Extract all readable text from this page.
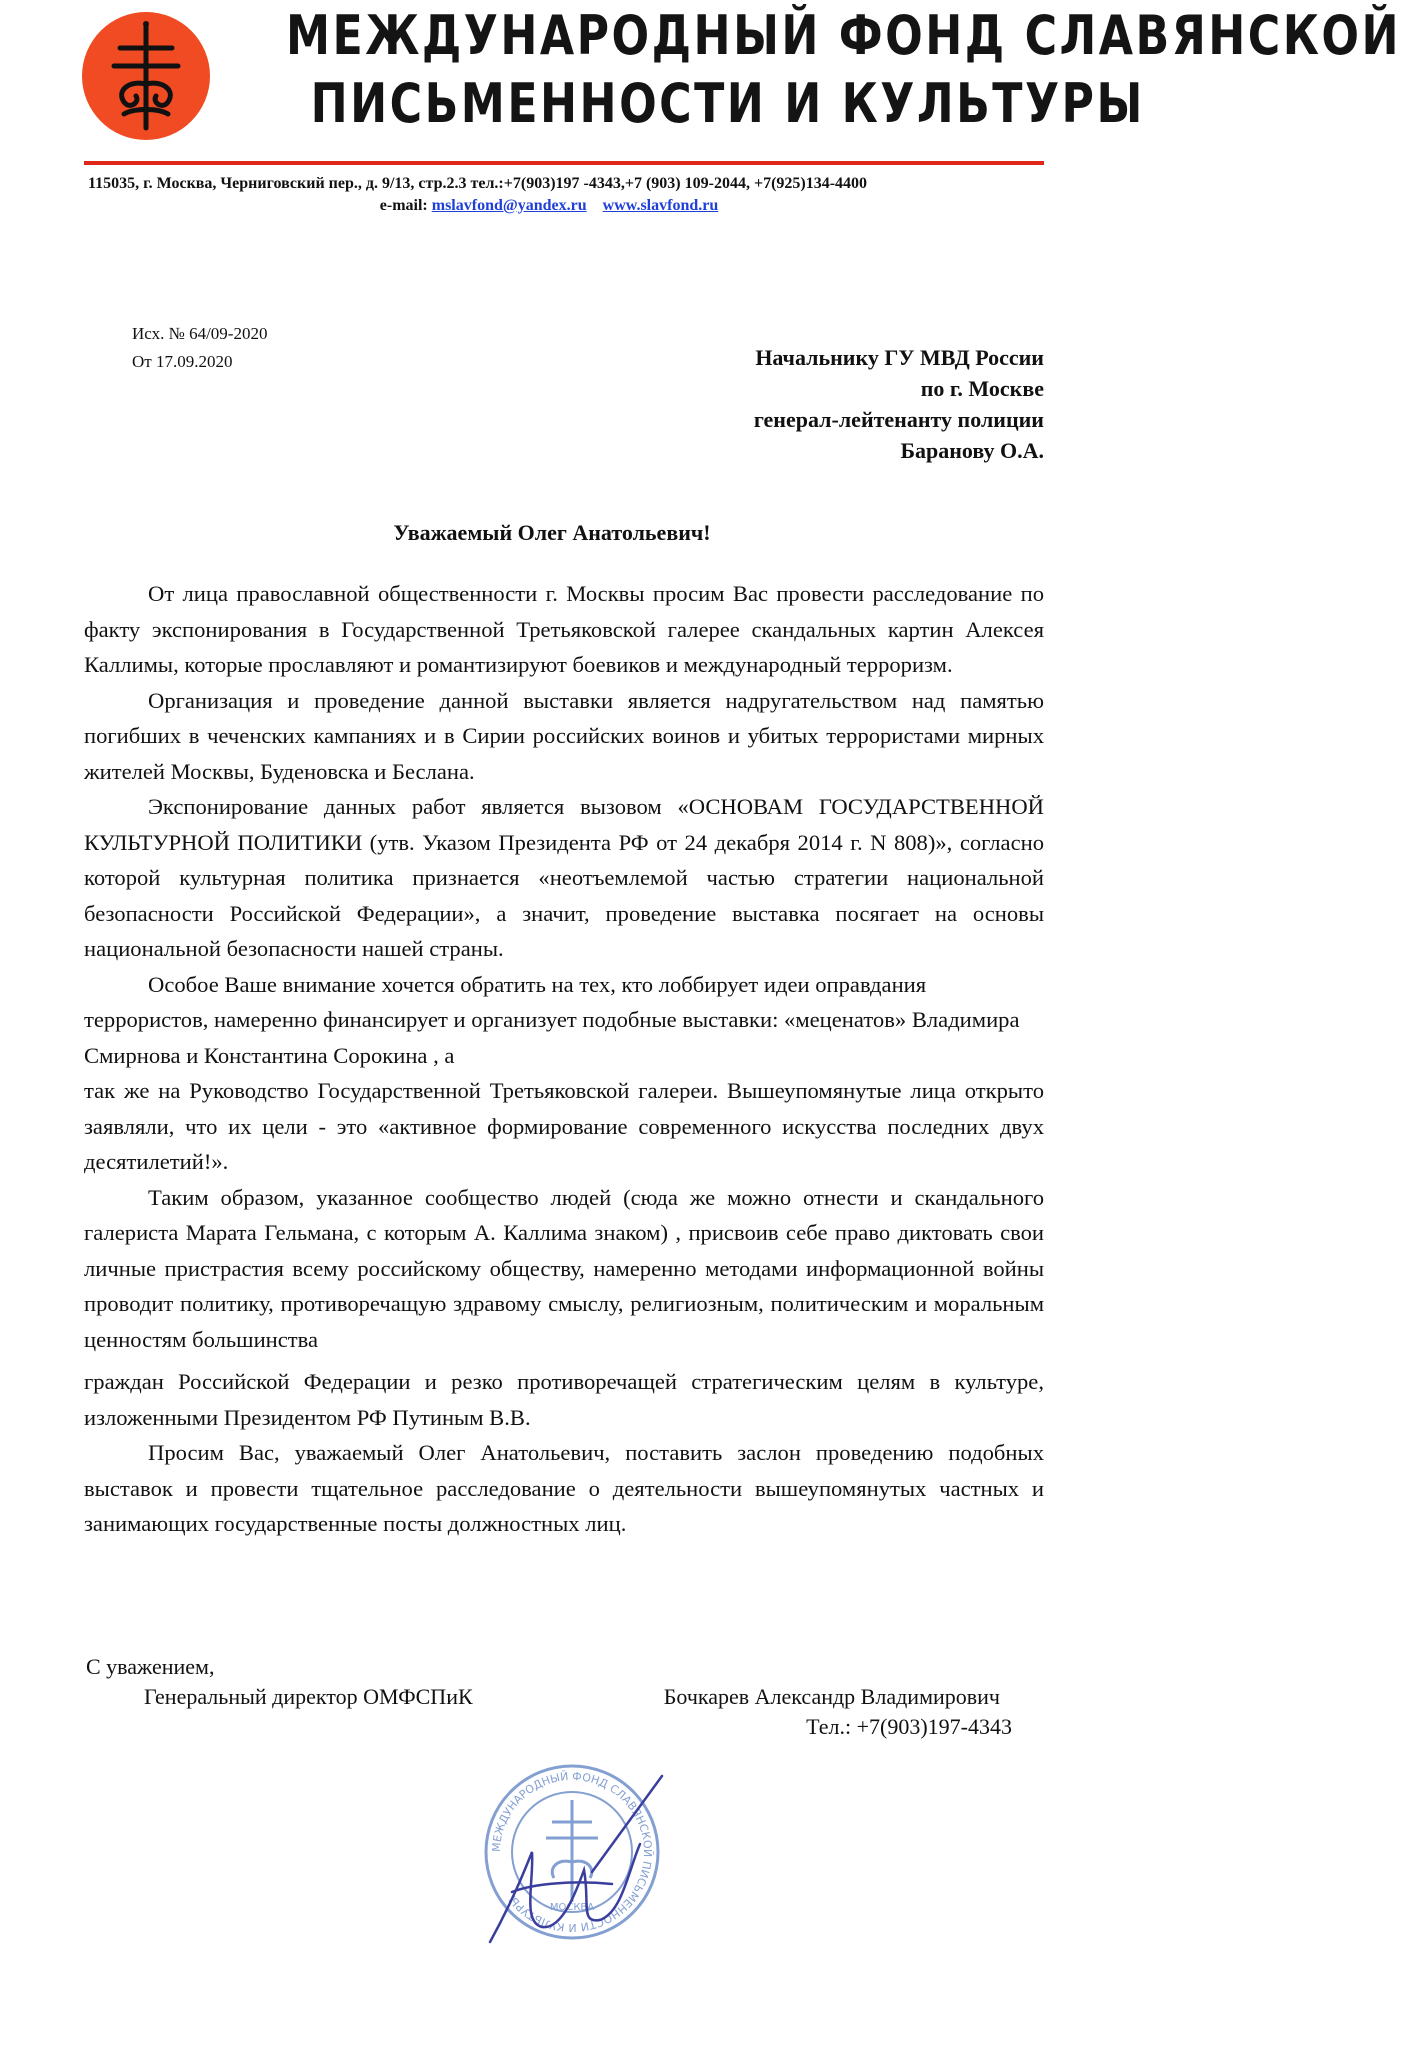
МЕЖДУНАРОДНЫЙ ФОНД СЛАВЯНСКОЙ
ПИСЬМЕННОСТИ И КУЛЬТУРЫ
115035, г. Москва, Черниговский пер., д. 9/13, стр.2.3 тел.:+7(903)197 -4343,+7 (903) 109-2044, +7(925)134-4400
e-mail: mslavfond@yandex.ru www.slavfond.ru
Исх. № 64/09-2020
От 17.09.2020	Начальнику ГУ МВД России
по г. Москве
генерал-лейтенанту полиции
Баранову О.А.
Уважаемый Олег Анатольевич!

От лица православной общественности г. Москвы просим Вас провести расследование по факту экспонирования в Государственной Третьяковской галерее скандальных картин Алексея Каллимы, которые прославляют и романтизируют боевиков и международный терроризм.

Организация и проведение данной выставки является надругательством над памятью погибших в чеченских кампаниях и в Сирии российских воинов и убитых террористами мирных жителей Москвы, Буденовска и Беслана.

Экспонирование данных работ является вызовом «ОСНОВАМ ГОСУДАРСТВЕННОЙ КУЛЬТУРНОЙ ПОЛИТИКИ (утв. Указом Президента РФ от 24 декабря 2014 г. N 808)», согласно которой культурная политика признается «неотъемлемой частью стратегии национальной безопасности Российской Федерации», а значит, проведение выставка посягает на основы национальной безопасности нашей страны.

Особое Ваше внимание хочется обратить на тех, кто лоббирует идеи оправдания террористов, намеренно финансирует и организует подобные выставки: «меценатов» Владимира Смирнова и Константина Сорокина , а

так же на Руководство Государственной Третьяковской галереи. Вышеупомянутые лица открыто заявляли, что их цели - это «активное формирование современного искусства последних двух десятилетий!».

Таким образом, указанное сообщество людей (сюда же можно отнести и скандального галериста Марата Гельмана, с которым А. Каллима знаком) , присвоив себе право диктовать свои личные пристрастия всему российскому обществу, намеренно методами информационной войны проводит политику, противоречащую здравому смыслу, религиозным, политическим и моральным ценностям большинства

граждан Российской Федерации и резко противоречащей стратегическим целям в культуре, изложенными Президентом РФ Путиным В.В.

Просим Вас, уважаемый Олег Анатольевич, поставить заслон проведению подобных выставок и провести тщательное расследование о деятельности вышеупомянутых частных и занимающих государственные посты должностных лиц.

С уважением,
Генеральный директор ОМФСПиК	Бочкарев Александр Владимирович
Тел.: +7(903)197-4343
МЕЖДУНАРОДНЫЙ ФОНД СЛАВЯНСКОЙ ПИСЬМЕННОСТИ И КУЛЬТУРЫ	МОСКВА
